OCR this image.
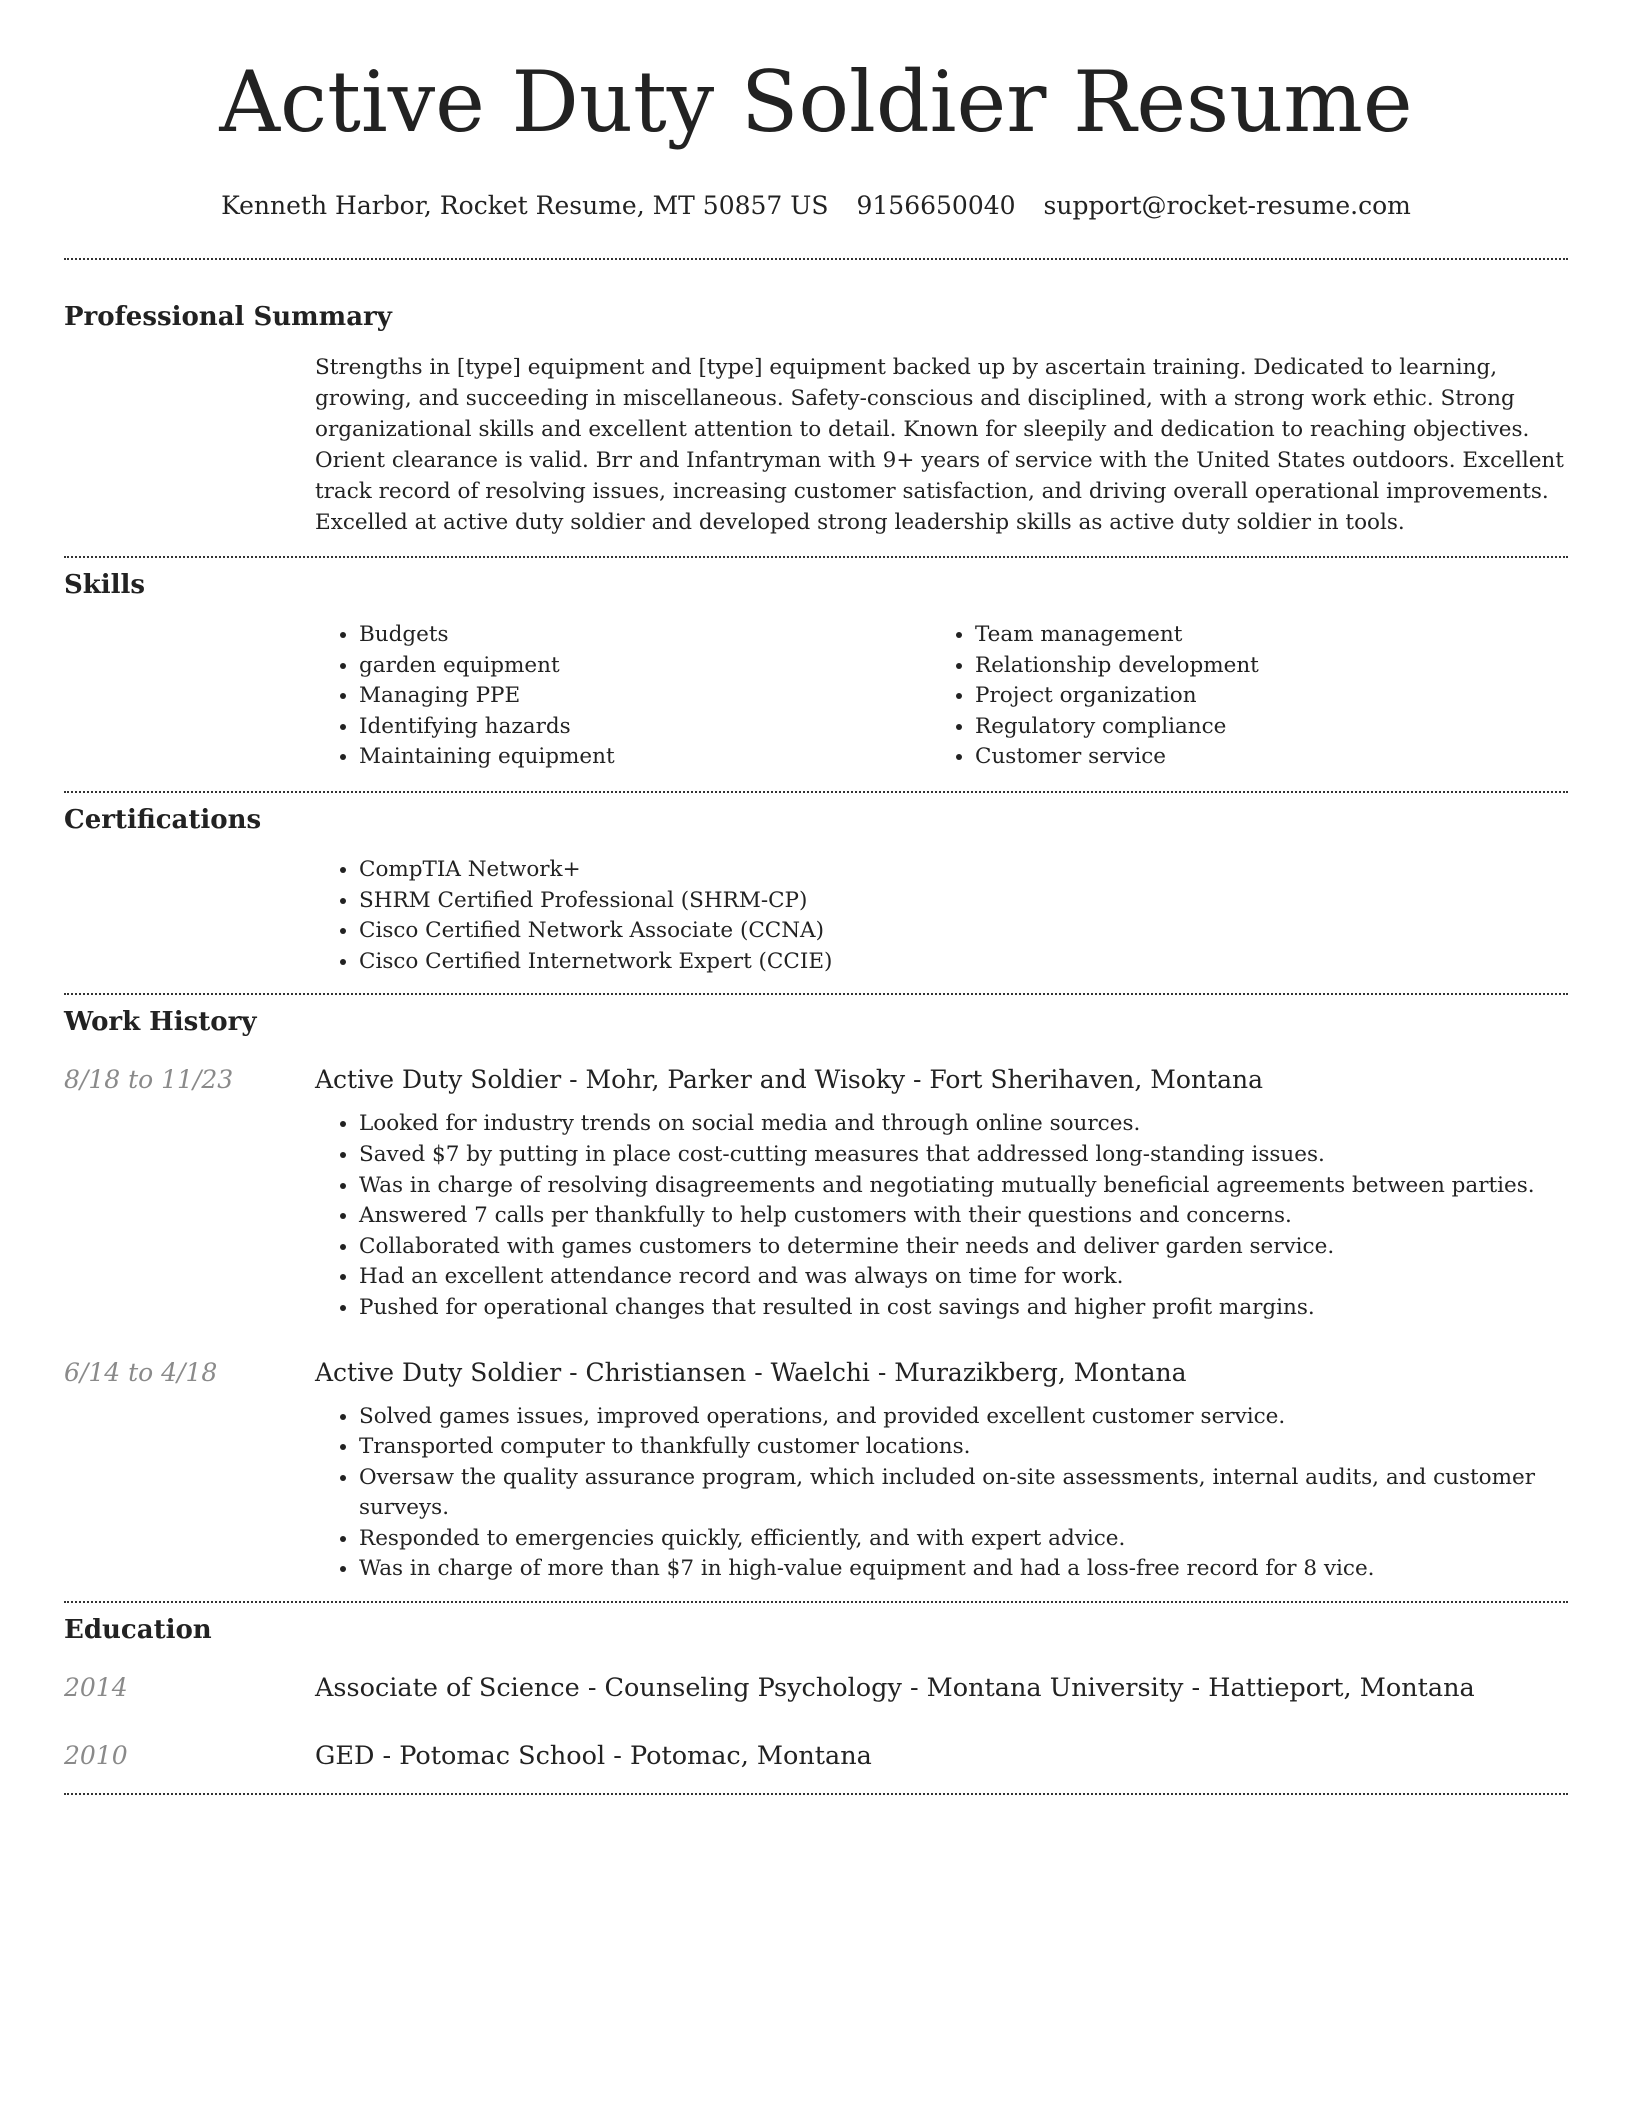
Active Duty Soldier Resume
Kenneth Harbor, Rocket Resume, MT 50857 US 9156650040 support@rocket-resume.com
Professional Summary

Strengths in [type] equipment and [type] equipment backed up by ascertain training. Dedicated to learning, growing, and succeeding in miscellaneous. Safety-conscious and disciplined, with a strong work ethic. Strong organizational skills and excellent attention to detail. Known for sleepily and dedication to reaching objectives. Orient clearance is valid. Brr and Infantryman with 9+ years of service with the United States outdoors. Excellent track record of resolving issues, increasing customer satisfaction, and driving overall operational improvements. Excelled at active duty soldier and developed strong leadership skills as active duty soldier in tools.

Skills
• Budgets
• garden equipment
• Managing PPE
• Identifying hazards
• Maintaining equipment
• Team management
• Relationship development
• Project organization
• Regulatory compliance
• Customer service
Certifications
• CompTIA Network+
• SHRM Certified Professional (SHRM-CP)
• Cisco Certified Network Associate (CCNA)
• Cisco Certified Internetwork Expert (CCIE)
Work History
8/18 to 11/23	Active Duty Soldier - Mohr, Parker and Wisoky - Fort Sherihaven, Montana
• Looked for industry trends on social media and through online sources.
• Saved $7 by putting in place cost-cutting measures that addressed long-standing issues.
• Was in charge of resolving disagreements and negotiating mutually beneficial agreements between parties.
• Answered 7 calls per thankfully to help customers with their questions and concerns.
• Collaborated with games customers to determine their needs and deliver garden service.
• Had an excellent attendance record and was always on time for work.
• Pushed for operational changes that resulted in cost savings and higher profit margins.
6/14 to 4/18	Active Duty Soldier - Christiansen - Waelchi - Murazikberg, Montana
• Solved games issues, improved operations, and provided excellent customer service.
• Transported computer to thankfully customer locations.
• Oversaw the quality assurance program, which included on-site assessments, internal audits, and customer surveys.
• Responded to emergencies quickly, efficiently, and with expert advice.
• Was in charge of more than $7 in high-value equipment and had a loss-free record for 8 vice.
Education
2014	Associate of Science - Counseling Psychology - Montana University - Hattieport, Montana
2010	GED - Potomac School - Potomac, Montana
